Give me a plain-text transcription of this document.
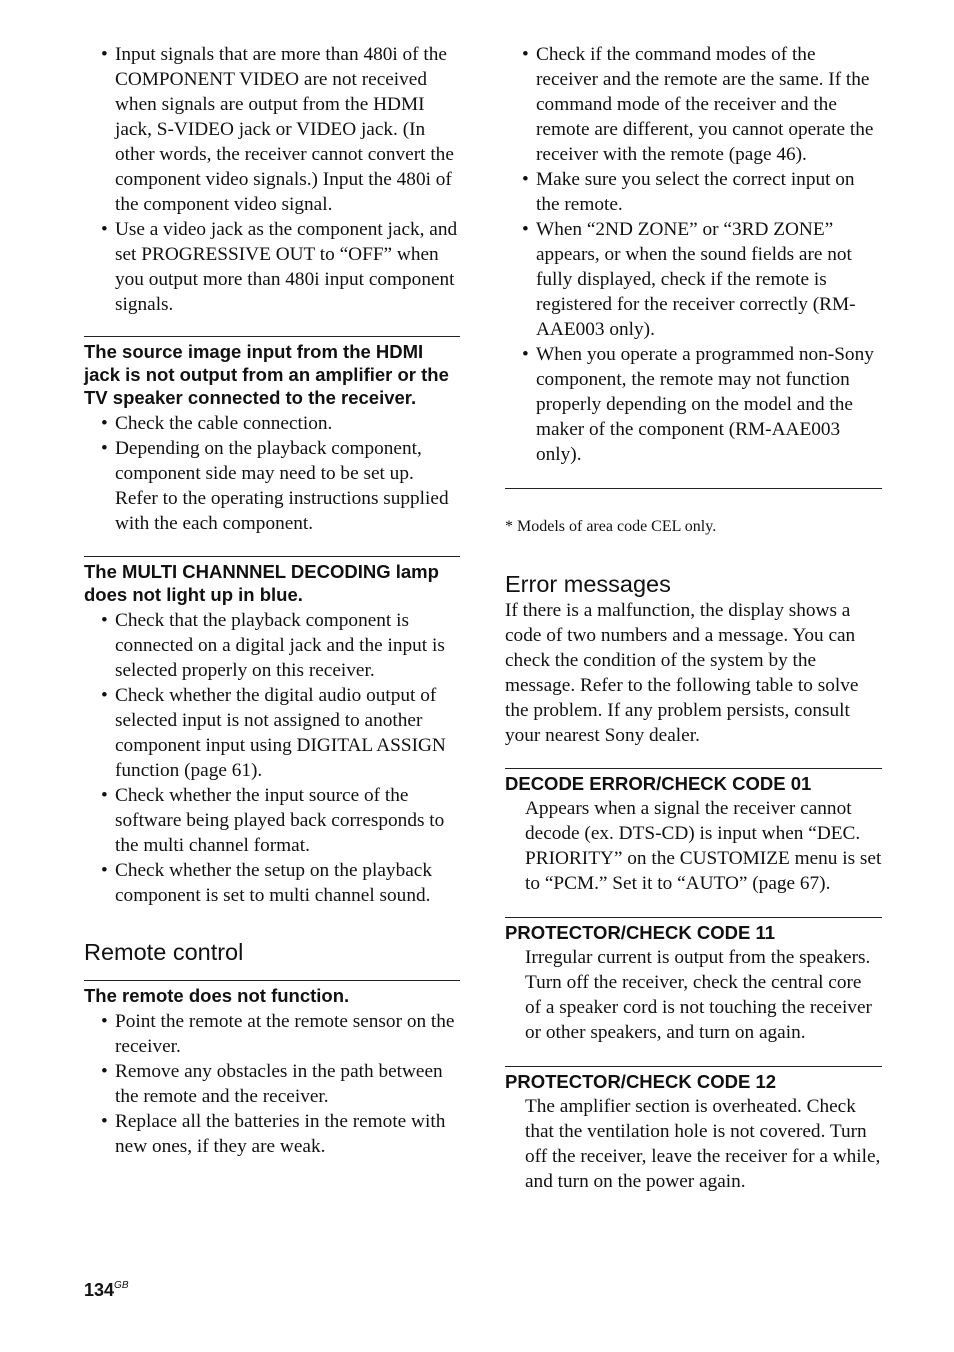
• Input signals that are more than 480i of the COMPONENT VIDEO are not received when signals are output from the HDMI jack, S-VIDEO jack or VIDEO jack. (In other words, the receiver cannot convert the component video signals.) Input the 480i of the component video signal.
• Use a video jack as the component jack, and set PROGRESSIVE OUT to “OFF” when you output more than 480i input component signals.
The source image input from the HDMI jack is not output from an amplifier or the TV speaker connected to the receiver.
• Check the cable connection.
• Depending on the playback component, component side may need to be set up. Refer to the operating instructions supplied with the each component.
The MULTI CHANNNEL DECODING lamp does not light up in blue.
• Check that the playback component is connected on a digital jack and the input is selected properly on this receiver.
• Check whether the digital audio output of selected input is not assigned to another component input using DIGITAL ASSIGN function (page 61).
• Check whether the input source of the software being played back corresponds to the multi channel format.
• Check whether the setup on the playback component is set to multi channel sound.
Remote control
The remote does not function.
• Point the remote at the remote sensor on the receiver.
• Remove any obstacles in the path between the remote and the receiver.
• Replace all the batteries in the remote with new ones, if they are weak.
• Check if the command modes of the receiver and the remote are the same. If the command mode of the receiver and the remote are different, you cannot operate the receiver with the remote (page 46).
• Make sure you select the correct input on the remote.
• When “2ND ZONE” or “3RD ZONE” appears, or when the sound fields are not fully displayed, check if the remote is registered for the receiver correctly (RM-AAE003 only).
• When you operate a programmed non-Sony component, the remote may not function properly depending on the model and the maker of the component (RM-AAE003 only).
* Models of area code CEL only.
Error messages

If there is a malfunction, the display shows a code of two numbers and a message. You can check the condition of the system by the message. Refer to the following table to solve the problem. If any problem persists, consult your nearest Sony dealer.

DECODE ERROR/CHECK CODE 01

Appears when a signal the receiver cannot decode (ex. DTS-CD) is input when “DEC. PRIORITY” on the CUSTOMIZE menu is set to “PCM.” Set it to “AUTO” (page 67).

PROTECTOR/CHECK CODE 11

Irregular current is output from the speakers. Turn off the receiver, check the central core of a speaker cord is not touching the receiver or other speakers, and turn on again.

PROTECTOR/CHECK CODE 12

The amplifier section is overheated. Check that the ventilation hole is not covered. Turn off the receiver, leave the receiver for a while, and turn on the power again.

$134^{GB}$
